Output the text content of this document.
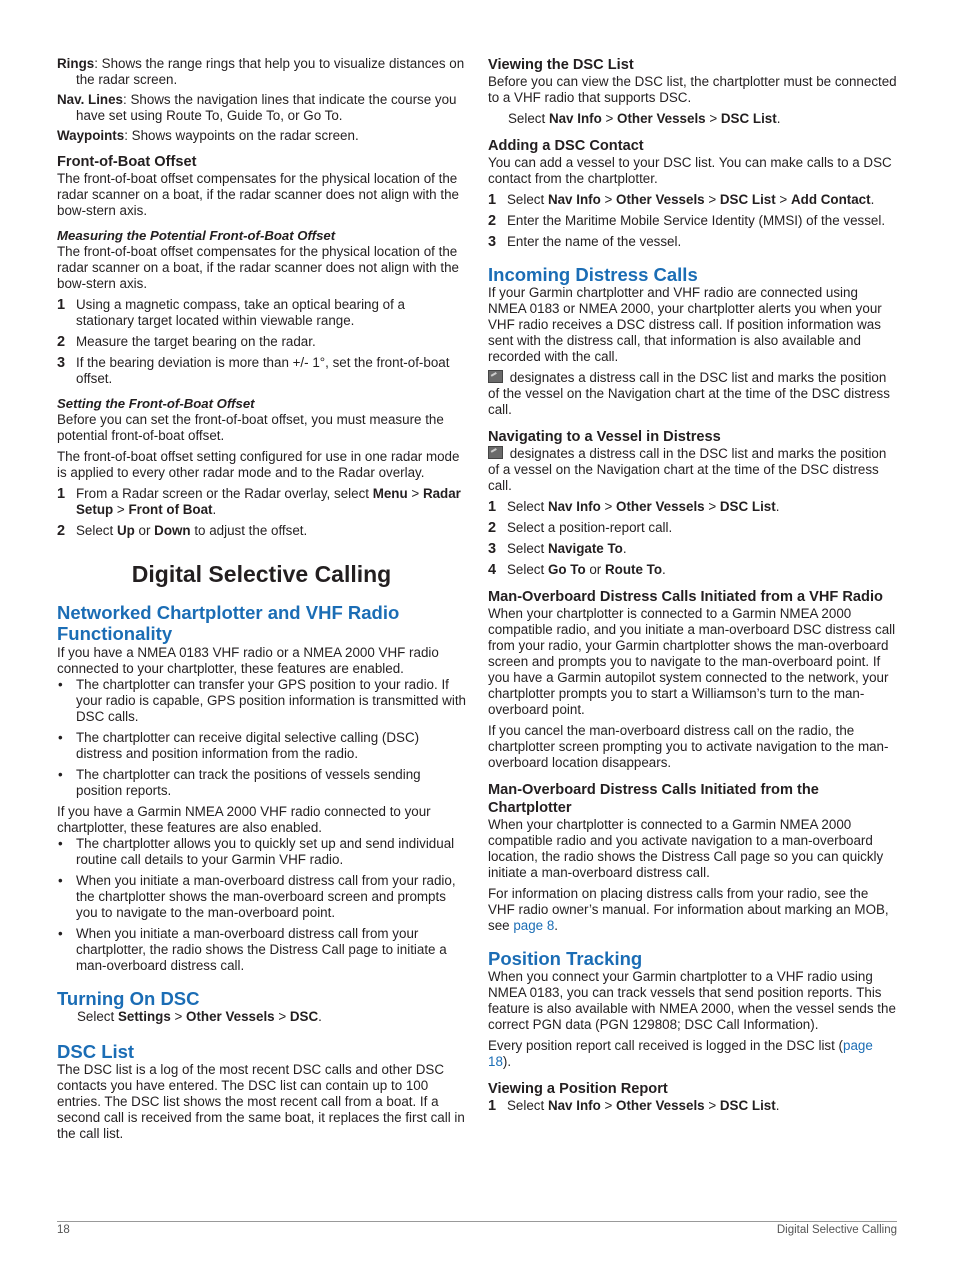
Rings: Shows the range rings that help you to visualize distances on the radar screen.

Nav. Lines: Shows the navigation lines that indicate the course you have set using Route To, Guide To, or Go To.

Waypoints: Shows waypoints on the radar screen.

Front-of-Boat Offset

The front-of-boat offset compensates for the physical location of the radar scanner on a boat, if the radar scanner does not align with the bow-stern axis.

Measuring the Potential Front-of-Boat Offset

The front-of-boat offset compensates for the physical location of the radar scanner on a boat, if the radar scanner does not align with the bow-stern axis.

1 Using a magnetic compass, take an optical bearing of a stationary target located within viewable range.
2 Measure the target bearing on the radar.
3 If the bearing deviation is more than +/- 1°, set the front-of-boat offset.
Setting the Front-of-Boat Offset

Before you can set the front-of-boat offset, you must measure the potential front-of-boat offset.

The front-of-boat offset setting configured for use in one radar mode is applied to every other radar mode and to the Radar overlay.

1 From a Radar screen or the Radar overlay, select Menu > Radar Setup > Front of Boat.
2 Select Up or Down to adjust the offset.
Digital Selective Calling
Networked Chartplotter and VHF Radio Functionality

If you have a NMEA 0183 VHF radio or a NMEA 2000 VHF radio connected to your chartplotter, these features are enabled.

• The chartplotter can transfer your GPS position to your radio. If your radio is capable, GPS position information is transmitted with DSC calls.
• The chartplotter can receive digital selective calling (DSC) distress and position information from the radio.
• The chartplotter can track the positions of vessels sending position reports.

If you have a Garmin NMEA 2000 VHF radio connected to your chartplotter, these features are also enabled.

• The chartplotter allows you to quickly set up and send individual routine call details to your Garmin VHF radio.
• When you initiate a man-overboard distress call from your radio, the chartplotter shows the man-overboard screen and prompts you to navigate to the man-overboard point.
• When you initiate a man-overboard distress call from your chartplotter, the radio shows the Distress Call page to initiate a man-overboard distress call.
Turning On DSC

Select Settings > Other Vessels > DSC.

DSC List

The DSC list is a log of the most recent DSC calls and other DSC contacts you have entered. The DSC list can contain up to 100 entries. The DSC list shows the most recent call from a boat. If a second call is received from the same boat, it replaces the first call in the call list.

Viewing the DSC List

Before you can view the DSC list, the chartplotter must be connected to a VHF radio that supports DSC.

Select Nav Info > Other Vessels > DSC List.

Adding a DSC Contact

You can add a vessel to your DSC list. You can make calls to a DSC contact from the chartplotter.

1 Select Nav Info > Other Vessels > DSC List > Add Contact.
2 Enter the Maritime Mobile Service Identity (MMSI) of the vessel.
3 Enter the name of the vessel.
Incoming Distress Calls

If your Garmin chartplotter and VHF radio are connected using NMEA 0183 or NMEA 2000, your chartplotter alerts you when your VHF radio receives a DSC distress call. If position information was sent with the distress call, that information is also available and recorded with the call.

designates a distress call in the DSC list and marks the position of the vessel on the Navigation chart at the time of the DSC distress call.

Navigating to a Vessel in Distress

designates a distress call in the DSC list and marks the position of a vessel on the Navigation chart at the time of the DSC distress call.

1 Select Nav Info > Other Vessels > DSC List.
2 Select a position-report call.
3 Select Navigate To.
4 Select Go To or Route To.
Man-Overboard Distress Calls Initiated from a VHF Radio

When your chartplotter is connected to a Garmin NMEA 2000 compatible radio, and you initiate a man-overboard DSC distress call from your radio, your Garmin chartplotter shows the man-overboard screen and prompts you to navigate to the man-overboard point. If you have a Garmin autopilot system connected to the network, your chartplotter prompts you to start a Williamson’s turn to the man-overboard point.

If you cancel the man-overboard distress call on the radio, the chartplotter screen prompting you to activate navigation to the man-overboard location disappears.

Man-Overboard Distress Calls Initiated from the Chartplotter

When your chartplotter is connected to a Garmin NMEA 2000 compatible radio and you activate navigation to a man-overboard location, the radio shows the Distress Call page so you can quickly initiate a man-overboard distress call.

For information on placing distress calls from your radio, see the VHF radio owner’s manual. For information about marking an MOB, see page 8.

Position Tracking

When you connect your Garmin chartplotter to a VHF radio using NMEA 0183, you can track vessels that send position reports. This feature is also available with NMEA 2000, when the vessel sends the correct PGN data (PGN 129808; DSC Call Information).

Every position report call received is logged in the DSC list (page 18).

Viewing a Position Report
1 Select Nav Info > Other Vessels > DSC List.
18	Digital Selective Calling
